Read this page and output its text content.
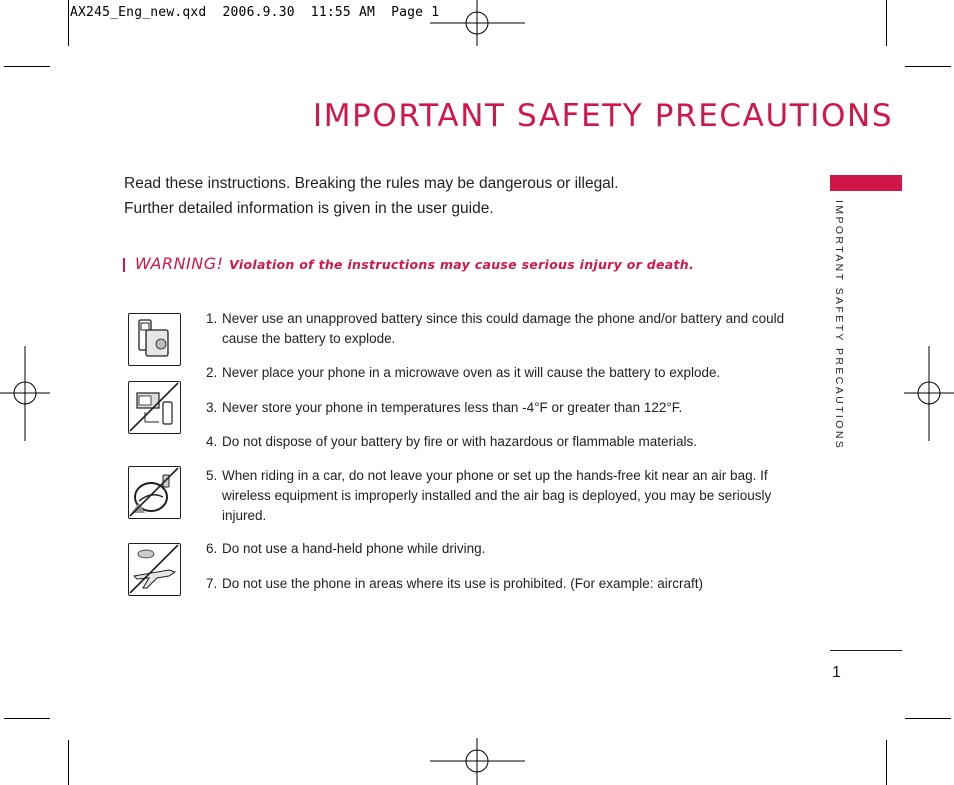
AX245_Eng_new.qxd  2006.9.30  11:55 AM  Page 1
IMPORTANT SAFETY PRECAUTIONS
Read these instructions. Breaking the rules may be dangerous or illegal.
Further detailed information is given in the user guide.
WARNING! Violation of the instructions may cause serious injury or death.
1. Never use an unapproved battery since this could damage the phone and/or battery and could
cause the battery to explode.
2. Never place your phone in a microwave oven as it will cause the battery to explode.
3. Never store your phone in temperatures less than -4°F or greater than 122°F.
4. Do not dispose of your battery by fire or with hazardous or flammable materials.
5. When riding in a car, do not leave your phone or set up the hands-free kit near an air bag. If
wireless equipment is improperly installed and the air bag is deployed, you may be seriously
injured.
6. Do not use a hand-held phone while driving.
7. Do not use the phone in areas where its use is prohibited. (For example: aircraft)
IMPORTANT SAFETY PRECAUTIONS
1
